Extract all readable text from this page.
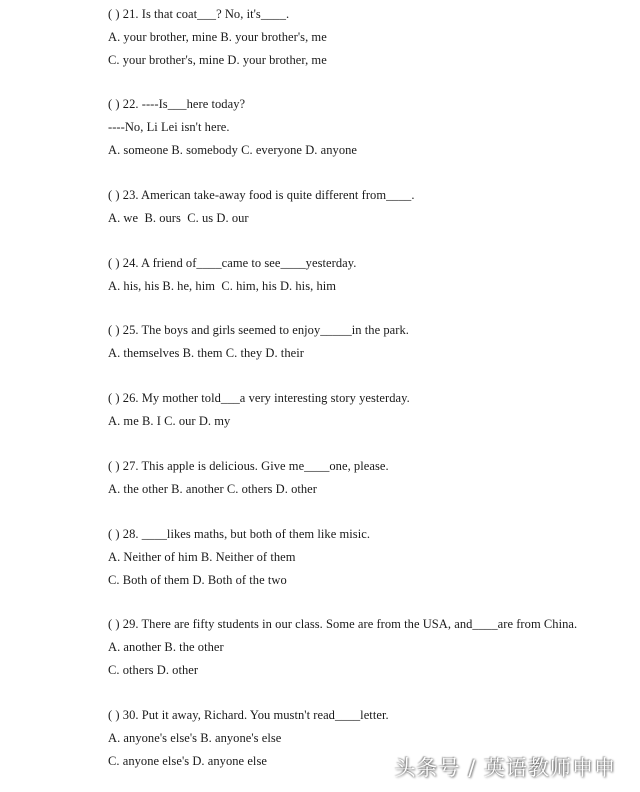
( ) 21. Is that coat___? No, it's____.
A. your brother, mine B. your brother's, me
C. your brother's, mine D. your brother, me
( ) 22. ----Is___here today?
----No, Li Lei isn't here.
A. someone B. somebody C. everyone D. anyone
( ) 23. American take-away food is quite different from____.
A. we  B. ours  C. us D. our
( ) 24. A friend of____came to see____yesterday.
A. his, his B. he, him  C. him, his D. his, him
( ) 25. The boys and girls seemed to enjoy_____in the park.
A. themselves B. them C. they D. their
( ) 26. My mother told___a very interesting story yesterday.
A. me B. I C. our D. my
( ) 27. This apple is delicious. Give me____one, please.
A. the other B. another C. others D. other
( ) 28. ____likes maths, but both of them like misic.
A. Neither of him B. Neither of them
C. Both of them D. Both of the two
( ) 29. There are fifty students in our class. Some are from the USA, and____are from China.
A. another B. the other
C. others D. other
( ) 30. Put it away, Richard. You mustn't read____letter.
A. anyone's else's B. anyone's else
C. anyone else's D. anyone else	头条号 / 英语教师申申
